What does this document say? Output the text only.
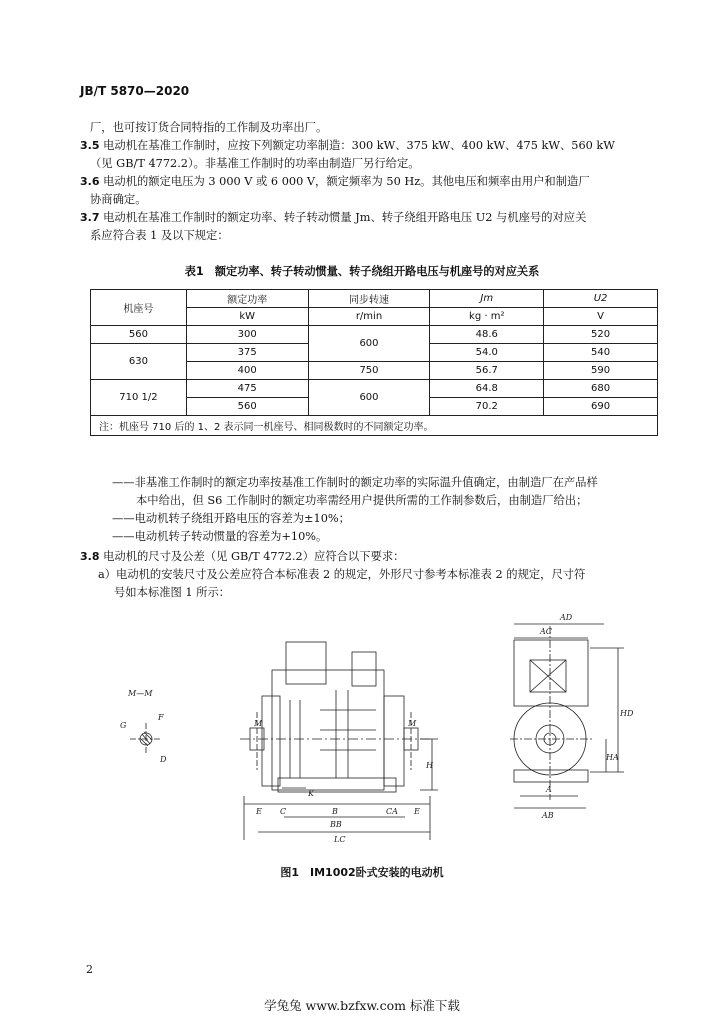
JB/T 5870—2020
厂，也可按订货合同特指的工作制及功率出厂。
3.5 电动机在基准工作制时，应按下列额定功率制造：300 kW、375 kW、400 kW、475 kW、560 kW
（见 GB/T 4772.2）。非基准工作制时的功率由制造厂另行给定。
3.6 电动机的额定电压为 3 000 V 或 6 000 V，额定频率为 50 Hz。其他电压和频率由用户和制造厂
协商确定。
3.7 电动机在基准工作制时的额定功率、转子转动惯量 Jm、转子绕组开路电压 U2 与机座号的对应关
系应符合表 1 及以下规定：
表1　额定功率、转子转动惯量、转子绕组开路电压与机座号的对应关系
机座号	额定功率	同步转速	Jm	U2
	kW	r/min	kg · m²	V
560	300	600	48.6	520

630	375		54.0	540

	400	750	56.7	590

710 1/2	475	600	64.8	680

	560		70.2	690

注：机座号 710 后的 1、2 表示同一机座号、相同极数时的不同额定功率。				
——非基准工作制时的额定功率按基准工作制时的额定功率的实际温升值确定，由制造厂在产品样
本中给出，但 S6 工作制时的额定功率需经用户提供所需的工作制参数后，由制造厂给出；
——电动机转子绕组开路电压的容差为±10%；
——电动机转子转动惯量的容差为+10%。
3.8 电动机的尺寸及公差（见 GB/T 4772.2）应符合以下要求：
a）电动机的安装尺寸及公差应符合本标准表 2 的规定，外形尺寸参考本标准表 2 的规定，尺寸符
号如本标准图 1 所示：
M—M
G
F
D
M	M
E C
K
B	CA E
BB
LC
H
AD
AC
HD
HA
A
AB
图1　IM1002卧式安装的电动机
2
学兔兔 www.bzfxw.com 标准下载
